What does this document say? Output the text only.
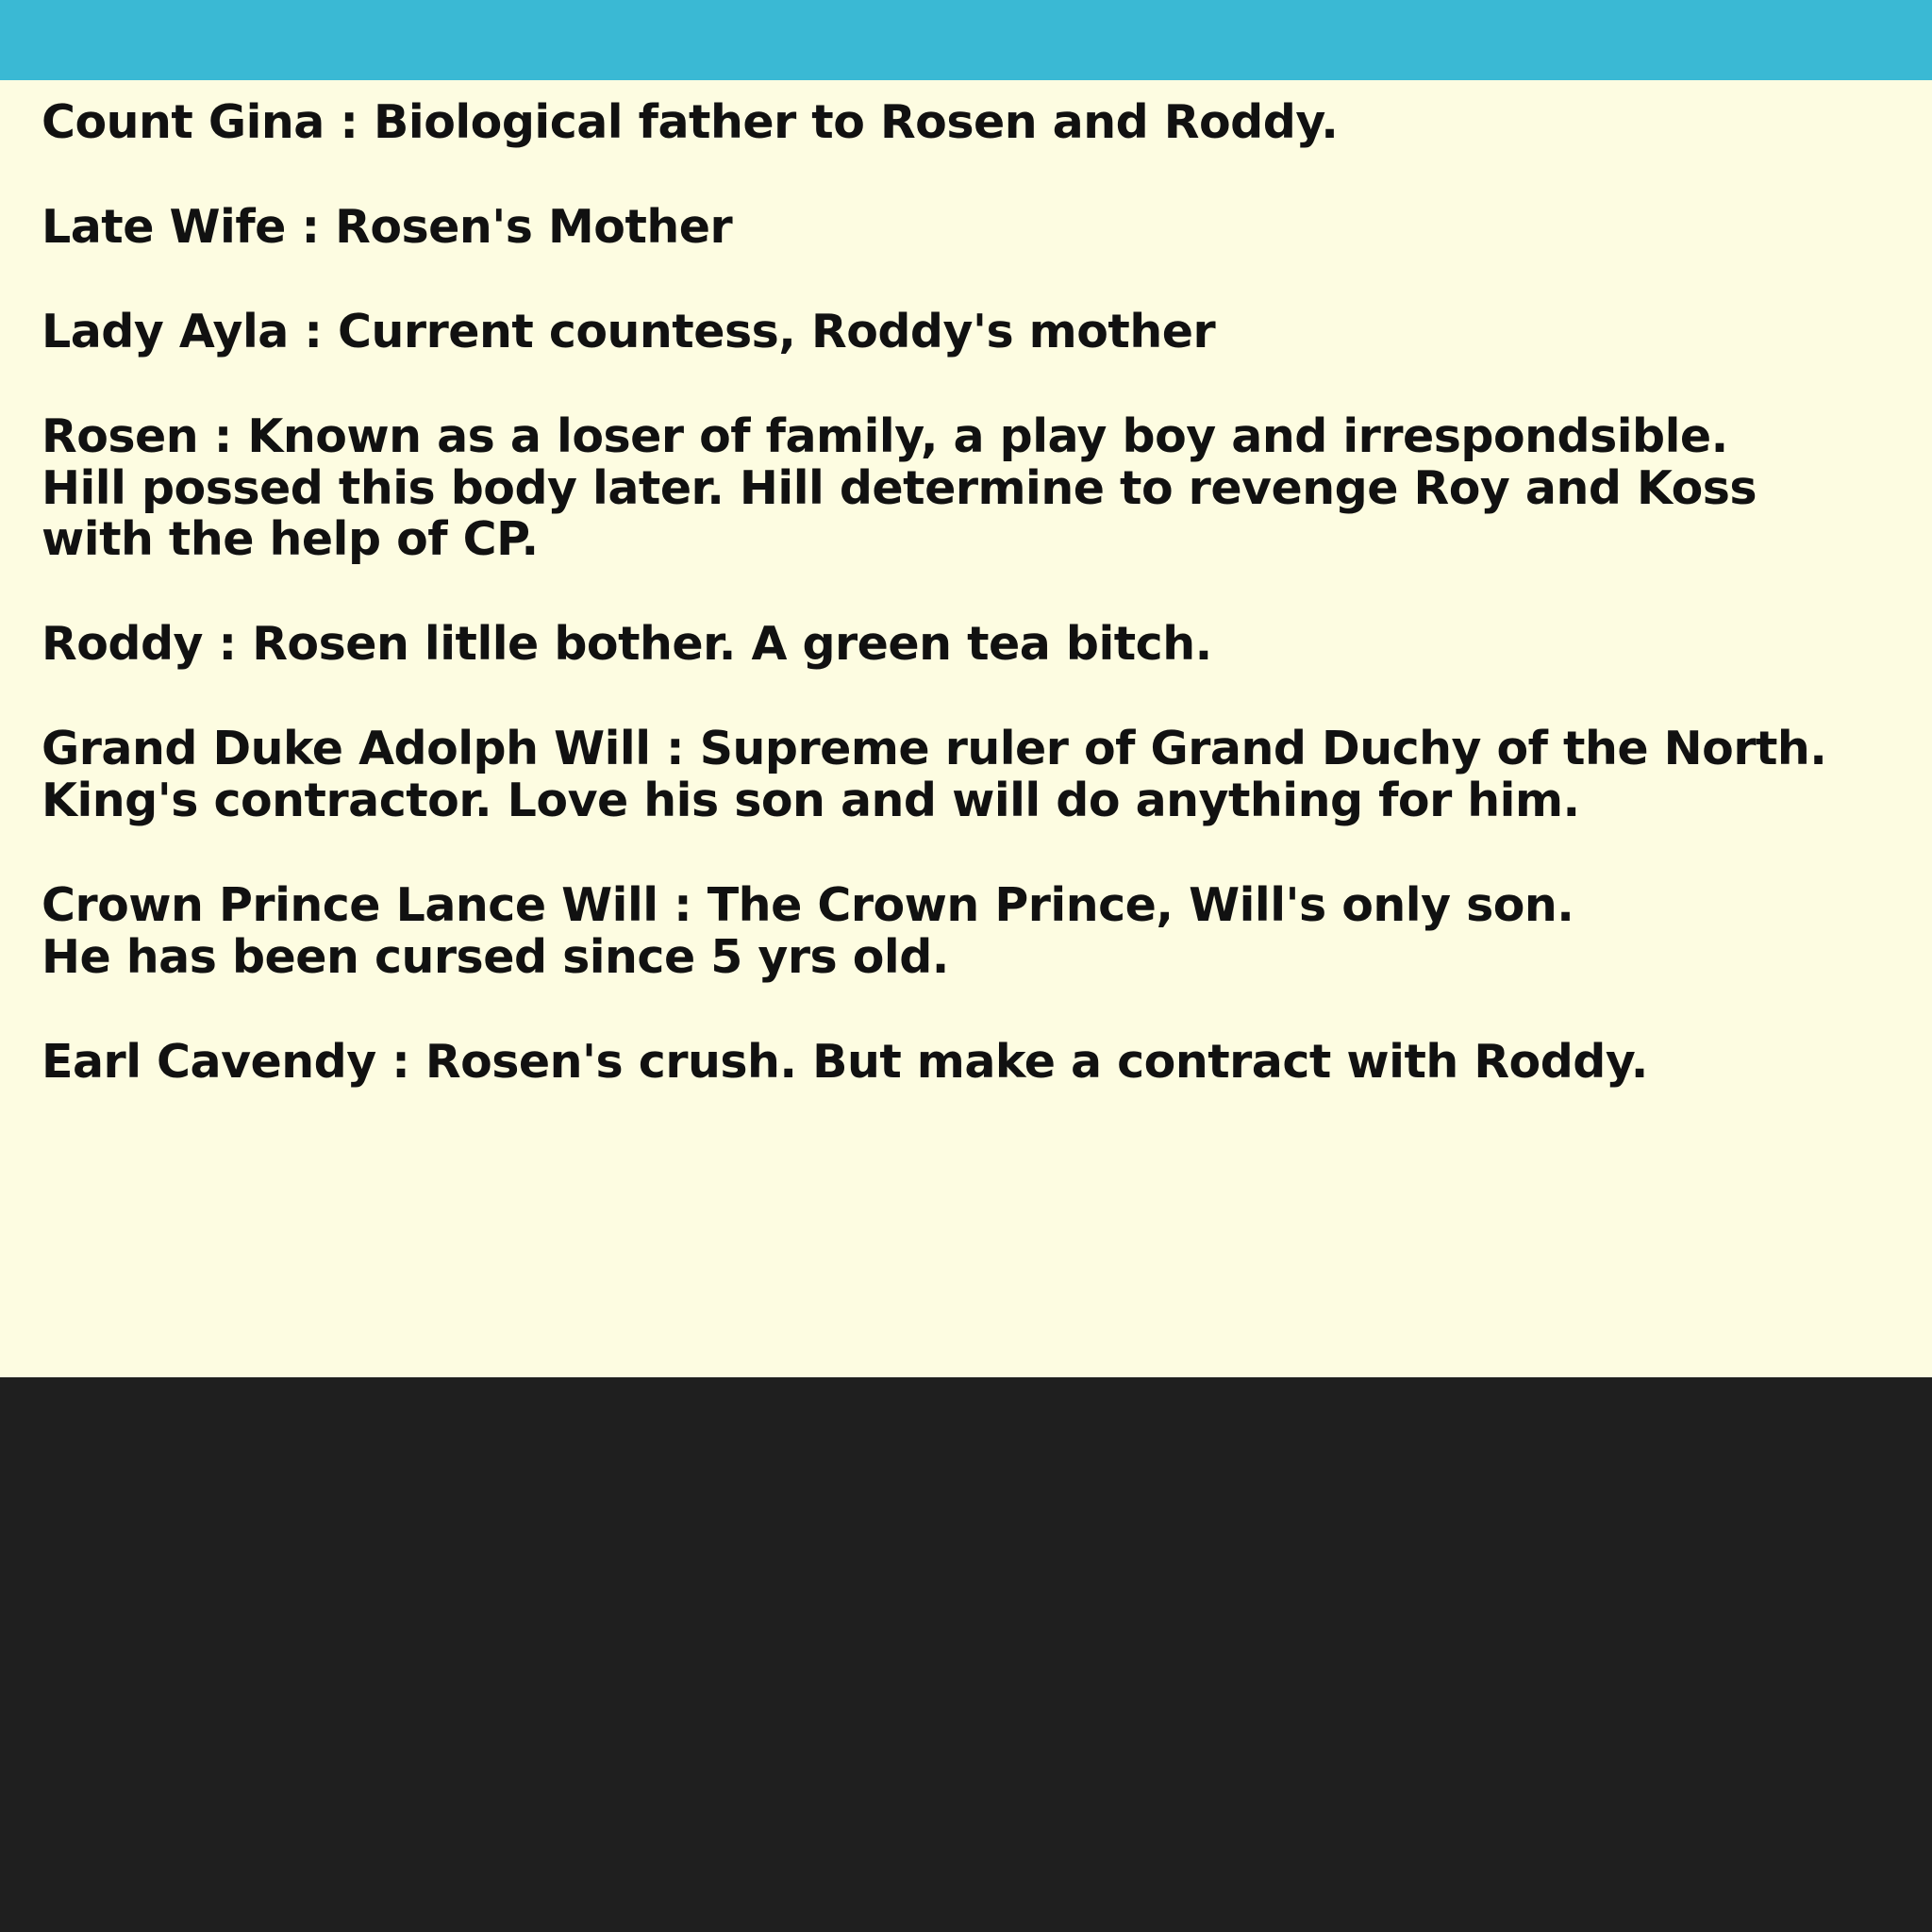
Count Gina : Biological father to Rosen and Roddy.

Late Wife : Rosen's Mother

Lady Ayla : Current countess, Roddy's mother

Rosen : Known as a loser of family, a play boy and irrespondsible.
Hill possed this body later. Hill determine to revenge Roy and Koss
with the help of CP.

Roddy : Rosen litlle bother. A green tea bitch.

Grand Duke Adolph Will : Supreme ruler of Grand Duchy of the North.
King's contractor. Love his son and will do anything for him.

Crown Prince Lance Will : The Crown Prince, Will's only son.
He has been cursed since 5 yrs old.

Earl Cavendy : Rosen's crush. But make a contract with Roddy.
